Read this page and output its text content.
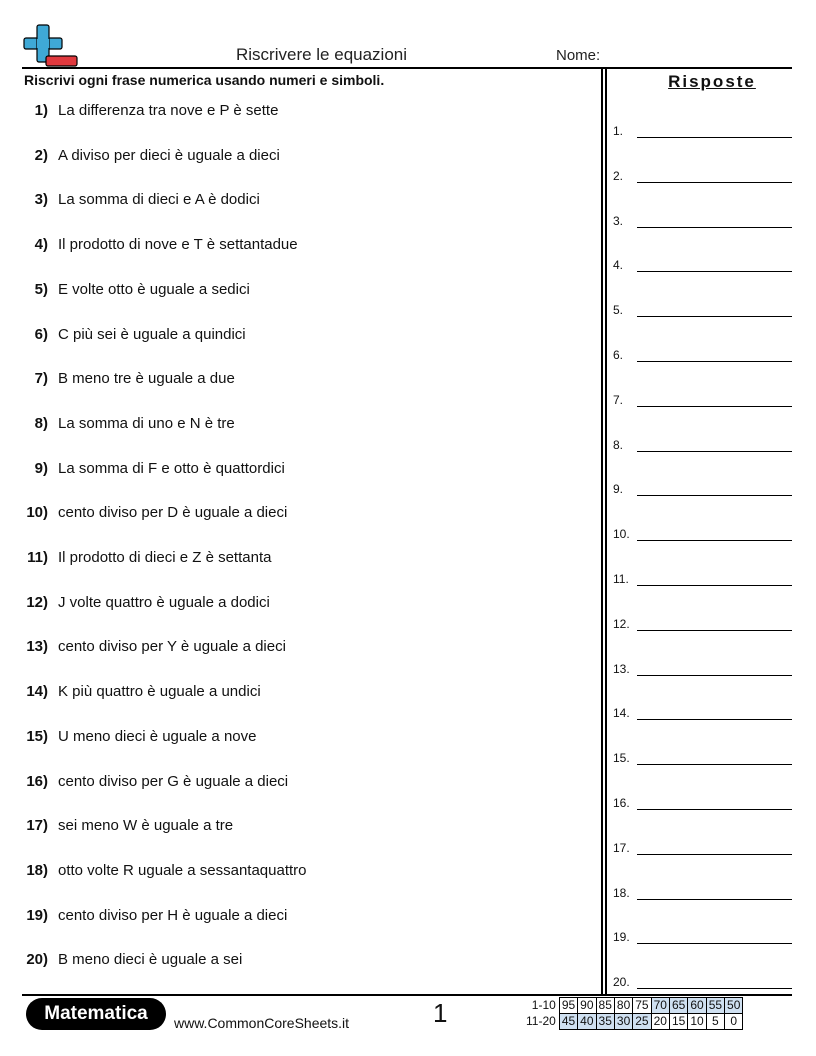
Riscrivere le equazioni	Nome:
Riscrivi ogni frase numerica usando numeri e simboli.	Risposte
1) La differenza tra nove e P è sette
2) A diviso per dieci è uguale a dieci
3) La somma di dieci e A è dodici
4) Il prodotto di nove e T è settantadue
5) E volte otto è uguale a sedici
6) C più sei è uguale a quindici
7) B meno tre è uguale a due
8) La somma di uno e N è tre
9) La somma di F e otto è quattordici
10) cento diviso per D è uguale a dieci
11) Il prodotto di dieci e Z è settanta
12) J volte quattro è uguale a dodici
13) cento diviso per Y è uguale a dieci
14) K più quattro è uguale a undici
15) U meno dieci è uguale a nove
16) cento diviso per G è uguale a dieci
17) sei meno W è uguale a tre
18) otto volte R uguale a sessantaquattro
19) cento diviso per H è uguale a dieci
20) B meno dieci è uguale a sei
1.
2.
3.
4.
5.
6.
7.
8.
9.
10.
11.
12.
13.
14.
15.
16.
17.
18.
19.
20.
Matematica	www.CommonCoreSheets.it	1	1-10	95	90	85	80	75	70	65	60	55	50
11-20	45	40	35	30	25	20	15	10	5	0
